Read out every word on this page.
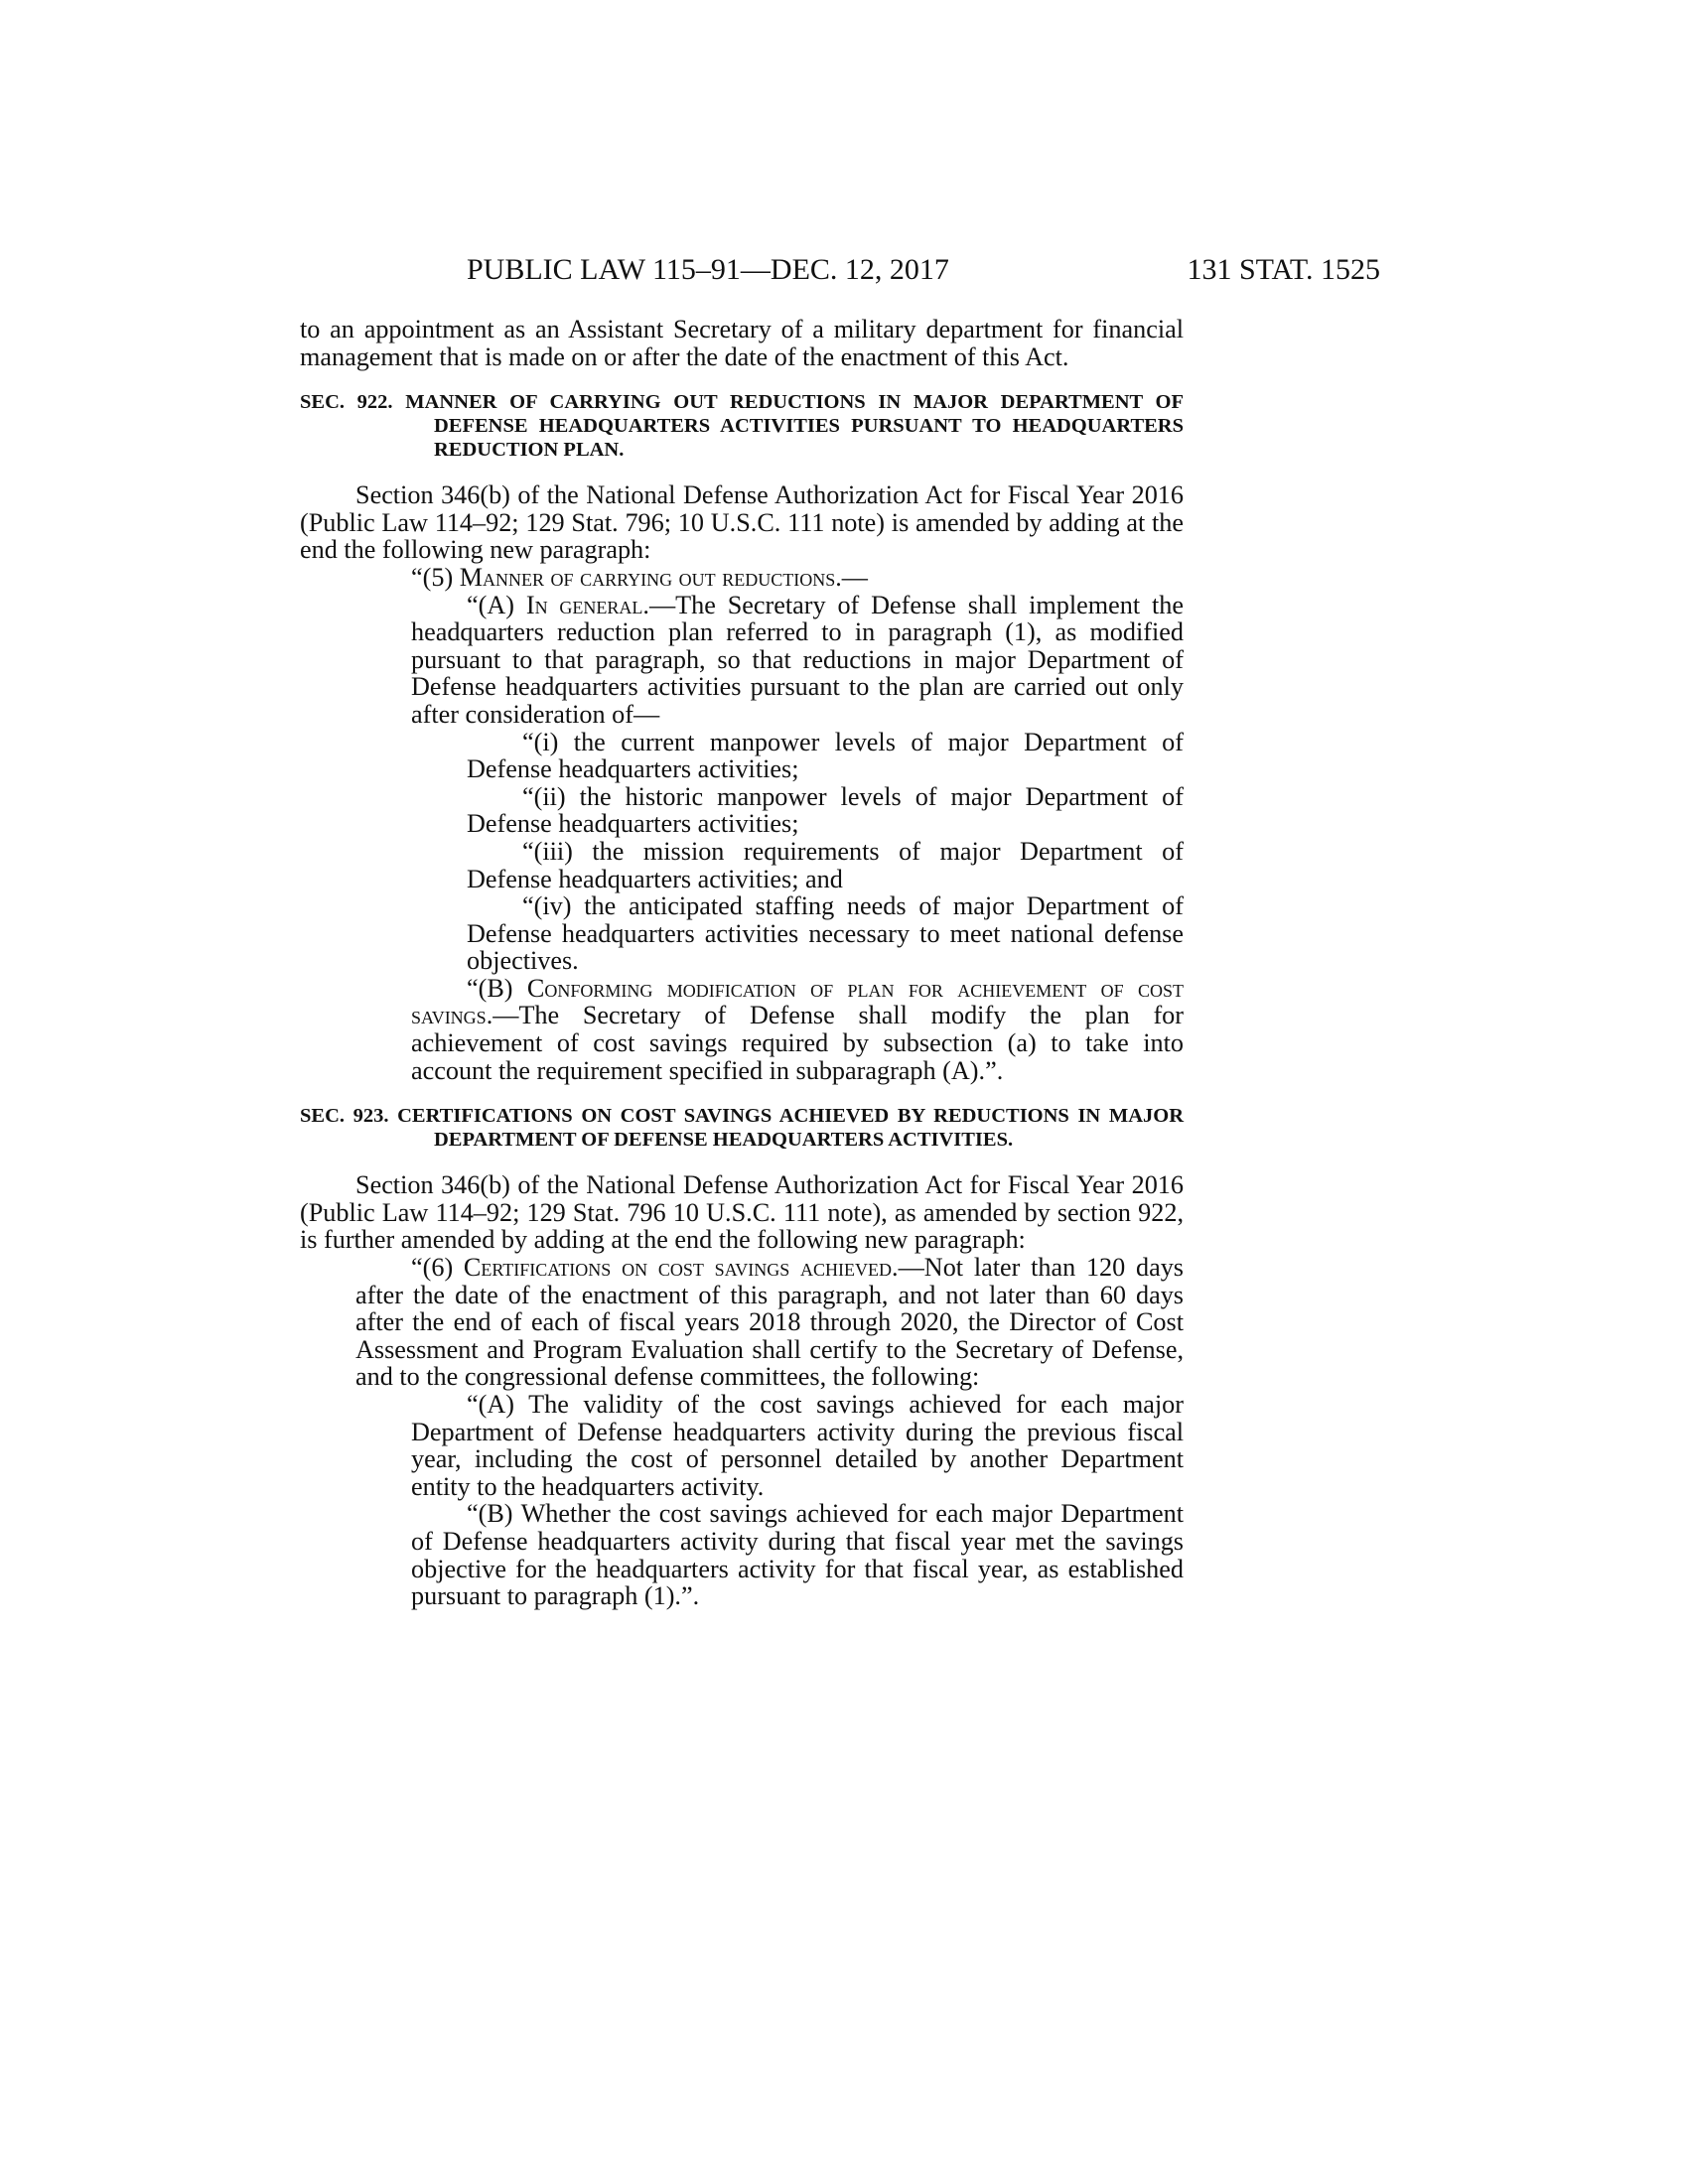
PUBLIC LAW 115–91—DEC. 12, 2017	131 STAT. 1525

to an appointment as an Assistant Secretary of a military department for financial management that is made on or after the date of the enactment of this Act.

SEC. 922. MANNER OF CARRYING OUT REDUCTIONS IN MAJOR DEPARTMENT OF DEFENSE HEADQUARTERS ACTIVITIES PURSUANT TO HEADQUARTERS REDUCTION PLAN.

Section 346(b) of the National Defense Authorization Act for Fiscal Year 2016 (Public Law 114–92; 129 Stat. 796; 10 U.S.C. 111 note) is amended by adding at the end the following new paragraph:

“(5) Manner of carrying out reductions.—

“(A) In general.—The Secretary of Defense shall implement the headquarters reduction plan referred to in paragraph (1), as modified pursuant to that paragraph, so that reductions in major Department of Defense headquarters activities pursuant to the plan are carried out only after consideration of—

“(i) the current manpower levels of major Department of Defense headquarters activities;

“(ii) the historic manpower levels of major Department of Defense headquarters activities;

“(iii) the mission requirements of major Department of Defense headquarters activities; and

“(iv) the anticipated staffing needs of major Department of Defense headquarters activities necessary to meet national defense objectives.

“(B) Conforming modification of plan for achievement of cost savings.—The Secretary of Defense shall modify the plan for achievement of cost savings required by subsection (a) to take into account the requirement specified in subparagraph (A).”.

SEC. 923. CERTIFICATIONS ON COST SAVINGS ACHIEVED BY REDUCTIONS IN MAJOR DEPARTMENT OF DEFENSE HEADQUARTERS ACTIVITIES.

Section 346(b) of the National Defense Authorization Act for Fiscal Year 2016 (Public Law 114–92; 129 Stat. 796 10 U.S.C. 111 note), as amended by section 922, is further amended by adding at the end the following new paragraph:

“(6) Certifications on cost savings achieved.—Not later than 120 days after the date of the enactment of this paragraph, and not later than 60 days after the end of each of fiscal years 2018 through 2020, the Director of Cost Assessment and Program Evaluation shall certify to the Secretary of Defense, and to the congressional defense committees, the following:

“(A) The validity of the cost savings achieved for each major Department of Defense headquarters activity during the previous fiscal year, including the cost of personnel detailed by another Department entity to the headquarters activity.

“(B) Whether the cost savings achieved for each major Department of Defense headquarters activity during that fiscal year met the savings objective for the headquarters activity for that fiscal year, as established pursuant to paragraph (1).”.
